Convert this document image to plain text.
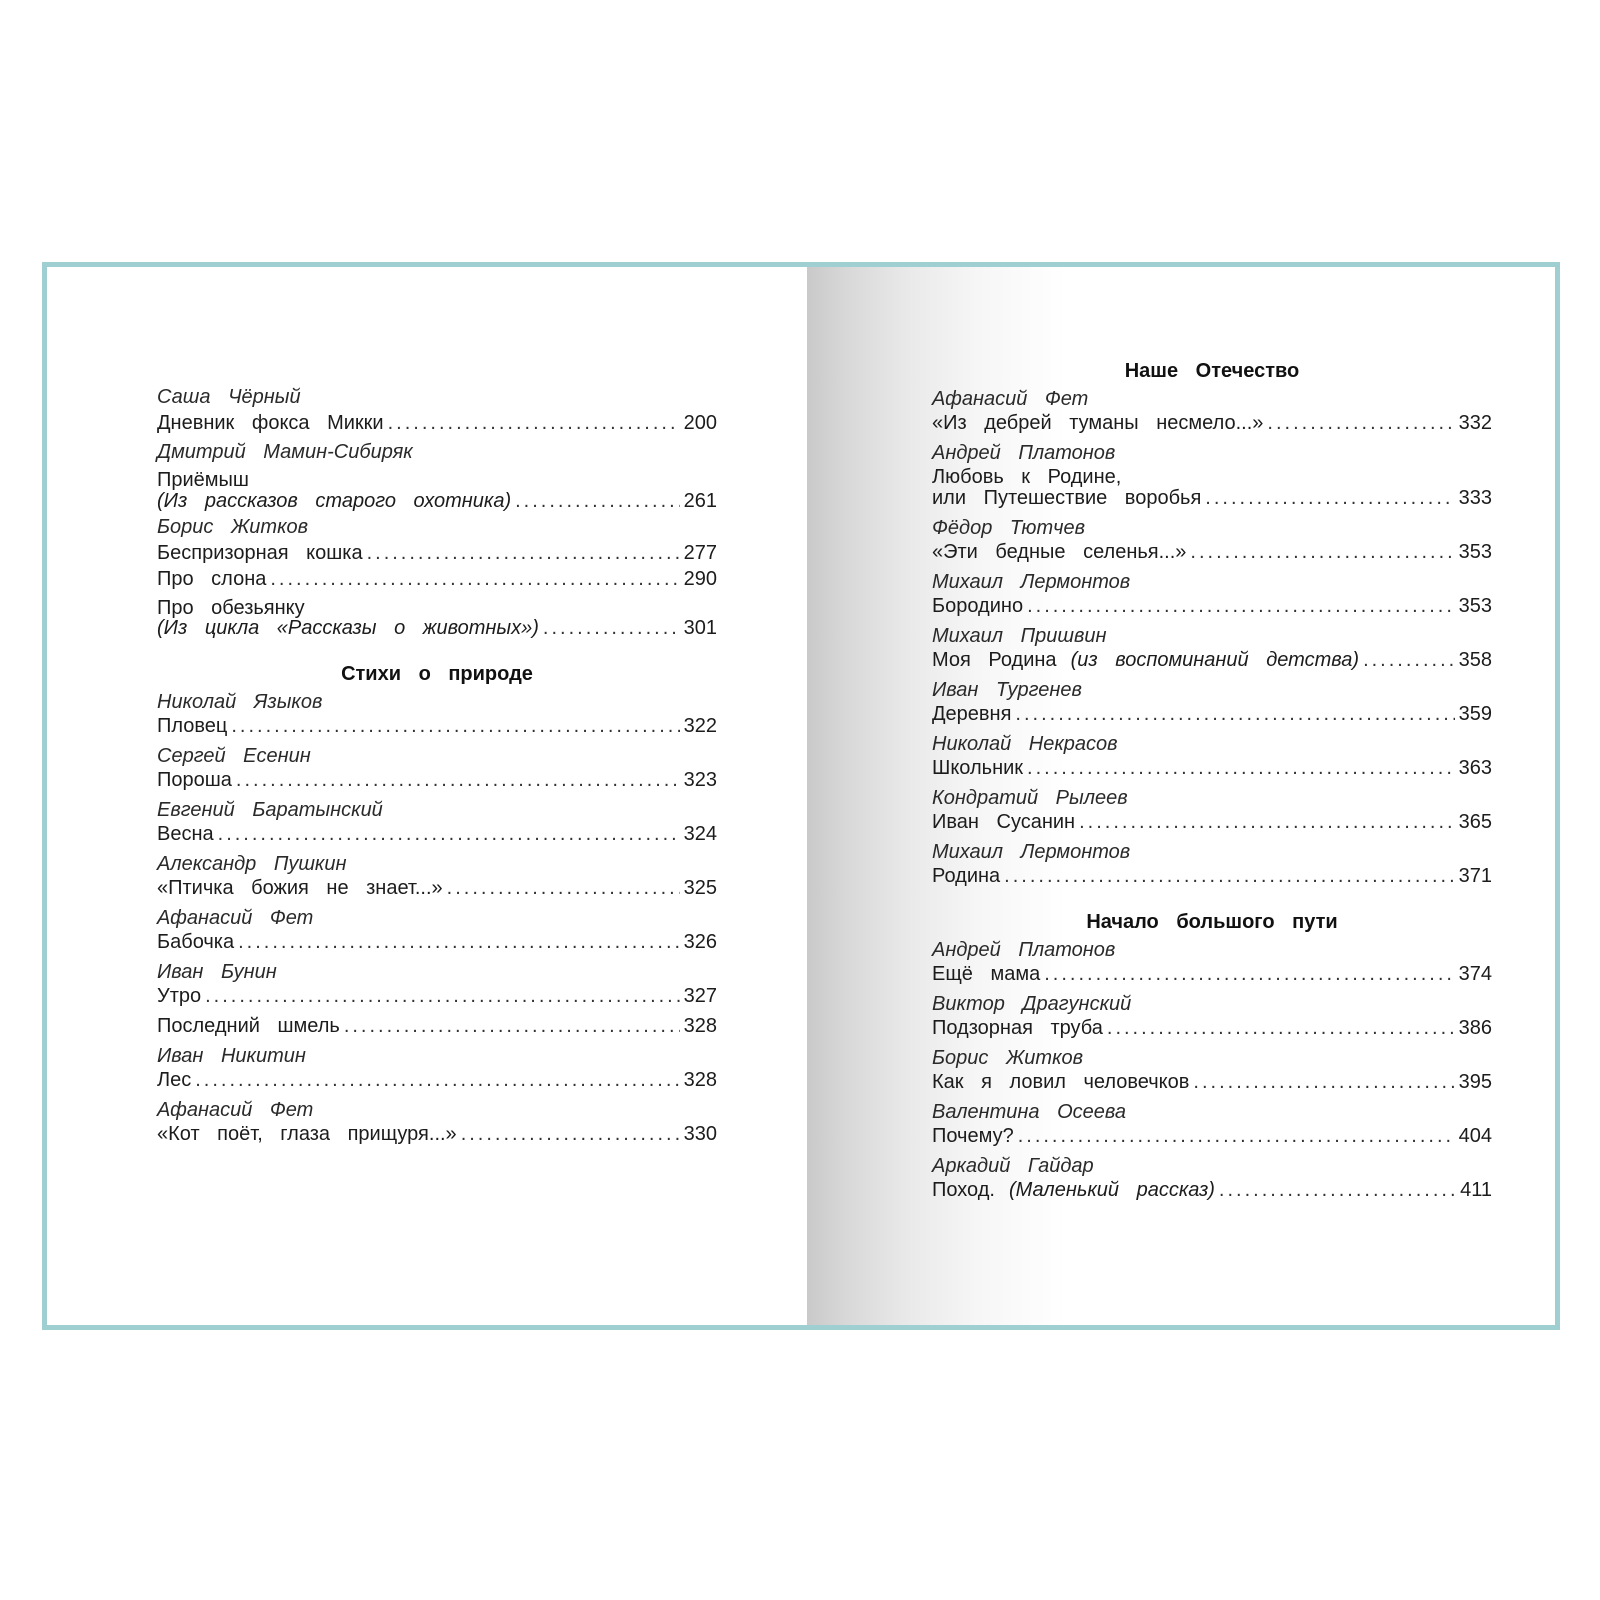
Саша Чёрный
Дневник фокса Микки .....	200
Дмитрий Мамин-Сибиряк
Приёмыш
(Из рассказов старого охотника) .....	261
Борис Житков
Беспризорная кошка .....	277
Про слона .....	290
Про обезьянку
(Из цикла «Рассказы о животных») .....	301
Стихи о природе
Николай Языков
Пловец .....	322
Сергей Есенин
Пороша .....	323
Евгений Баратынский
Весна .....	324
Александр Пушкин
«Птичка божия не знает...» .....	325
Афанасий Фет
Бабочка .....	326
Иван Бунин
Утро .....	327
Последний шмель .....	328
Иван Никитин
Лес .....	328
Афанасий Фет
«Кот поёт, глаза прищуря...» .....	330
Наше Отечество
Афанасий Фет
«Из дебрей туманы несмело...» .....	332
Андрей Платонов
Любовь к Родине,
или Путешествие воробья .....	333
Фёдор Тютчев
«Эти бедные селенья...» .....	353
Михаил Лермонтов
Бородино .....	353
Михаил Пришвин
Моя Родина (из воспоминаний детства) .....	358
Иван Тургенев
Деревня .....	359
Николай Некрасов
Школьник .....	363
Кондратий Рылеев
Иван Сусанин .....	365
Михаил Лермонтов
Родина .....	371
Начало большого пути
Андрей Платонов
Ещё мама .....	374
Виктор Драгунский
Подзорная труба .....	386
Борис Житков
Как я ловил человечков .....	395
Валентина Осеева
Почему? .....	404
Аркадий Гайдар
Поход. (Маленький рассказ) .....	411
